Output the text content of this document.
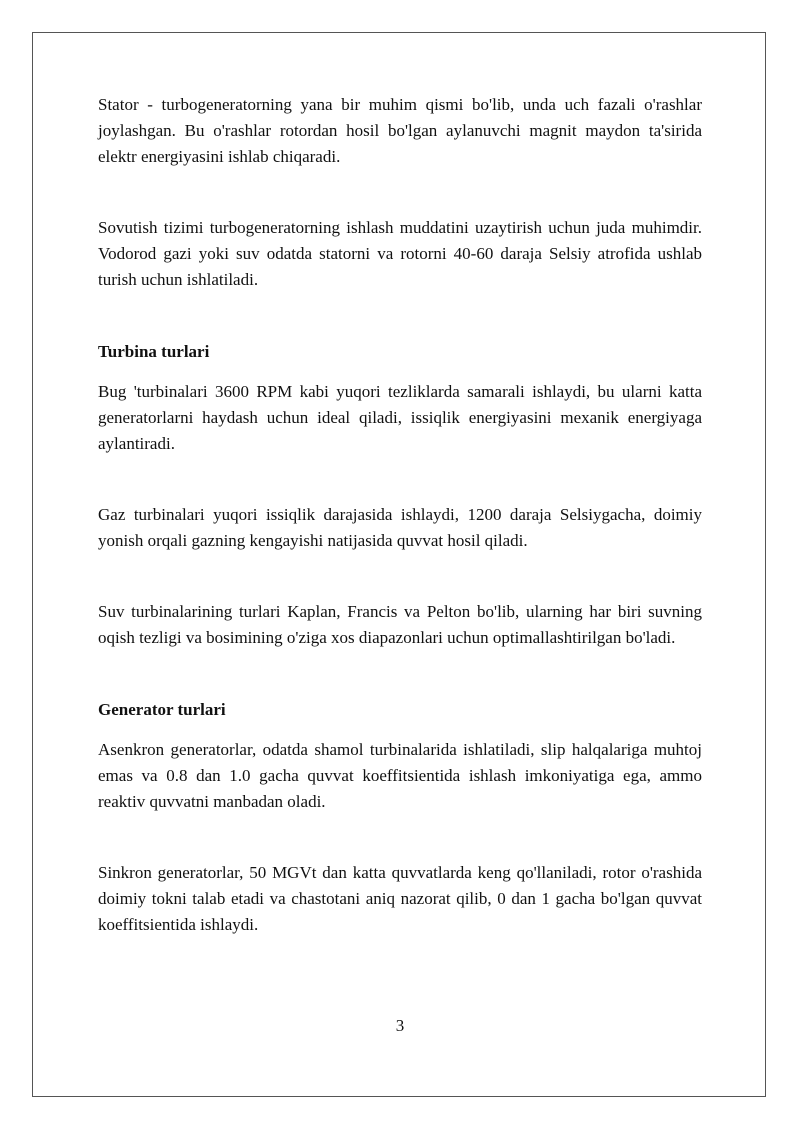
Stator - turbogeneratorning yana bir muhim qismi bo'lib, unda uch fazali o'rashlar joylashgan. Bu o'rashlar rotordan hosil bo'lgan aylanuvchi magnit maydon ta'sirida elektr energiyasini ishlab chiqaradi.

Sovutish tizimi turbogeneratorning ishlash muddatini uzaytirish uchun juda muhimdir. Vodorod gazi yoki suv odatda statorni va rotorni 40-60 daraja Selsiy atrofida ushlab turish uchun ishlatiladi.

Turbina turlari

Bug 'turbinalari 3600 RPM kabi yuqori tezliklarda samarali ishlaydi, bu ularni katta generatorlarni haydash uchun ideal qiladi, issiqlik energiyasini mexanik energiyaga aylantiradi.

Gaz turbinalari yuqori issiqlik darajasida ishlaydi, 1200 daraja Selsiygacha, doimiy yonish orqali gazning kengayishi natijasida quvvat hosil qiladi.

Suv turbinalarining turlari Kaplan, Francis va Pelton bo'lib, ularning har biri suvning oqish tezligi va bosimining o'ziga xos diapazonlari uchun optimallashtirilgan bo'ladi.

Generator turlari

Asenkron generatorlar, odatda shamol turbinalarida ishlatiladi, slip halqalariga muhtoj emas va 0.8 dan 1.0 gacha quvvat koeffitsientida ishlash imkoniyatiga ega, ammo reaktiv quvvatni manbadan oladi.

Sinkron generatorlar, 50 MGVt dan katta quvvatlarda keng qo'llaniladi, rotor o'rashida doimiy tokni talab etadi va chastotani aniq nazorat qilib, 0 dan 1 gacha bo'lgan quvvat koeffitsientida ishlaydi.

3
